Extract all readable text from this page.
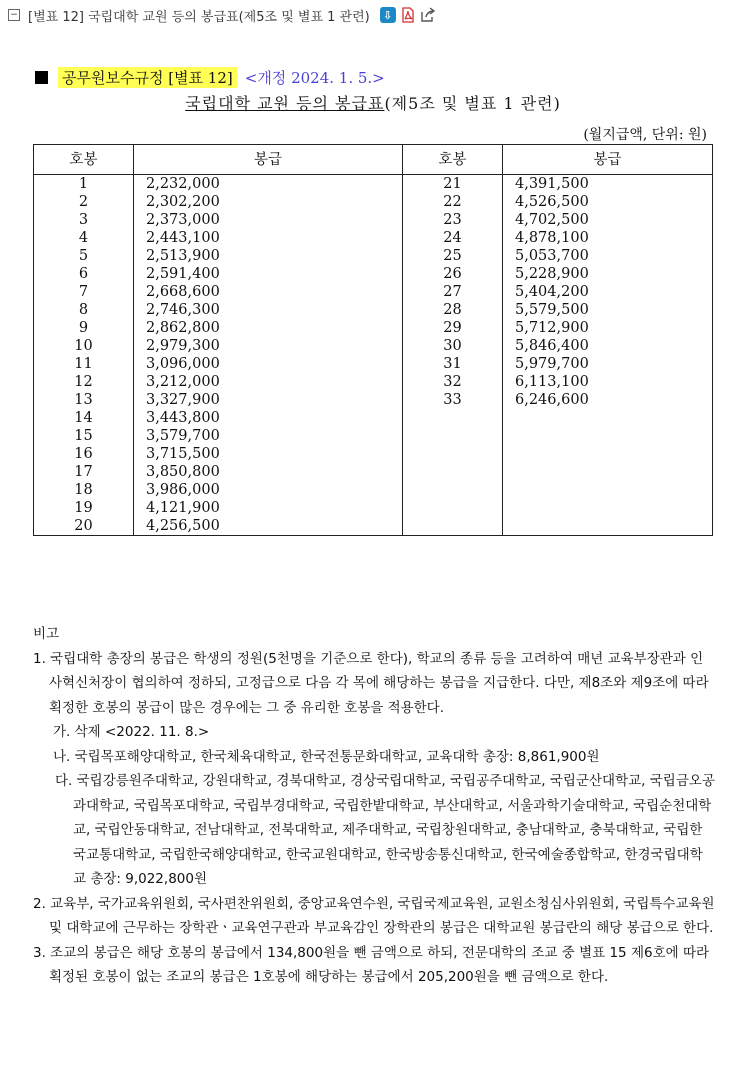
− [별표 12] 국립대학 교원 등의 봉급표(제5조 및 별표 1 관련)	⇩
공무원보수규정 [별표 12] <개정 2024. 1. 5.>
국립대학 교원 등의 봉급표(제5조 및 별표 1 관련)
(월지급액, 단위: 원)
호봉	봉급	호봉	봉급
1	2,232,000	21	4,391,500
2	2,302,200	22	4,526,500
3	2,373,000	23	4,702,500
4	2,443,100	24	4,878,100
5	2,513,900	25	5,053,700
6	2,591,400	26	5,228,900
7	2,668,600	27	5,404,200
8	2,746,300	28	5,579,500
9	2,862,800	29	5,712,900
10	2,979,300	30	5,846,400
11	3,096,000	31	5,979,700
12	3,212,000	32	6,113,100
13	3,327,900	33	6,246,600
14	3,443,800		
15	3,579,700		
16	3,715,500		
17	3,850,800		
18	3,986,000		
19	4,121,900		
20	4,256,500		

비고

1. 국립대학 총장의 봉급은 학생의 정원(5천명을 기준으로 한다), 학교의 종류 등을 고려하여 매년 교육부장관과 인사혁신처장이 협의하여 정하되, 고정급으로 다음 각 목에 해당하는 봉급을 지급한다. 다만, 제8조와 제9조에 따라 획정한 호봉의 봉급이 많은 경우에는 그 중 유리한 호봉을 적용한다.

가. 삭제 <2022. 11. 8.>

나. 국립목포해양대학교, 한국체육대학교, 한국전통문화대학교, 교육대학 총장: 8,861,900원

다. 국립강릉원주대학교, 강원대학교, 경북대학교, 경상국립대학교, 국립공주대학교, 국립군산대학교, 국립금오공과대학교, 국립목포대학교, 국립부경대학교, 국립한밭대학교, 부산대학교, 서울과학기술대학교, 국립순천대학교, 국립안동대학교, 전남대학교, 전북대학교, 제주대학교, 국립창원대학교, 충남대학교, 충북대학교, 국립한국교통대학교, 국립한국해양대학교, 한국교원대학교, 한국방송통신대학교, 한국예술종합학교, 한경국립대학교 총장: 9,022,800원

2. 교육부, 국가교육위원회, 국사편찬위원회, 중앙교육연수원, 국립국제교육원, 교원소청심사위원회, 국립특수교육원 및 대학교에 근무하는 장학관ㆍ교육연구관과 부교육감인 장학관의 봉급은 대학교원 봉급란의 해당 봉급으로 한다.

3. 조교의 봉급은 해당 호봉의 봉급에서 134,800원을 뺀 금액으로 하되, 전문대학의 조교 중 별표 15 제6호에 따라 획정된 호봉이 없는 조교의 봉급은 1호봉에 해당하는 봉급에서 205,200원을 뺀 금액으로 한다.
